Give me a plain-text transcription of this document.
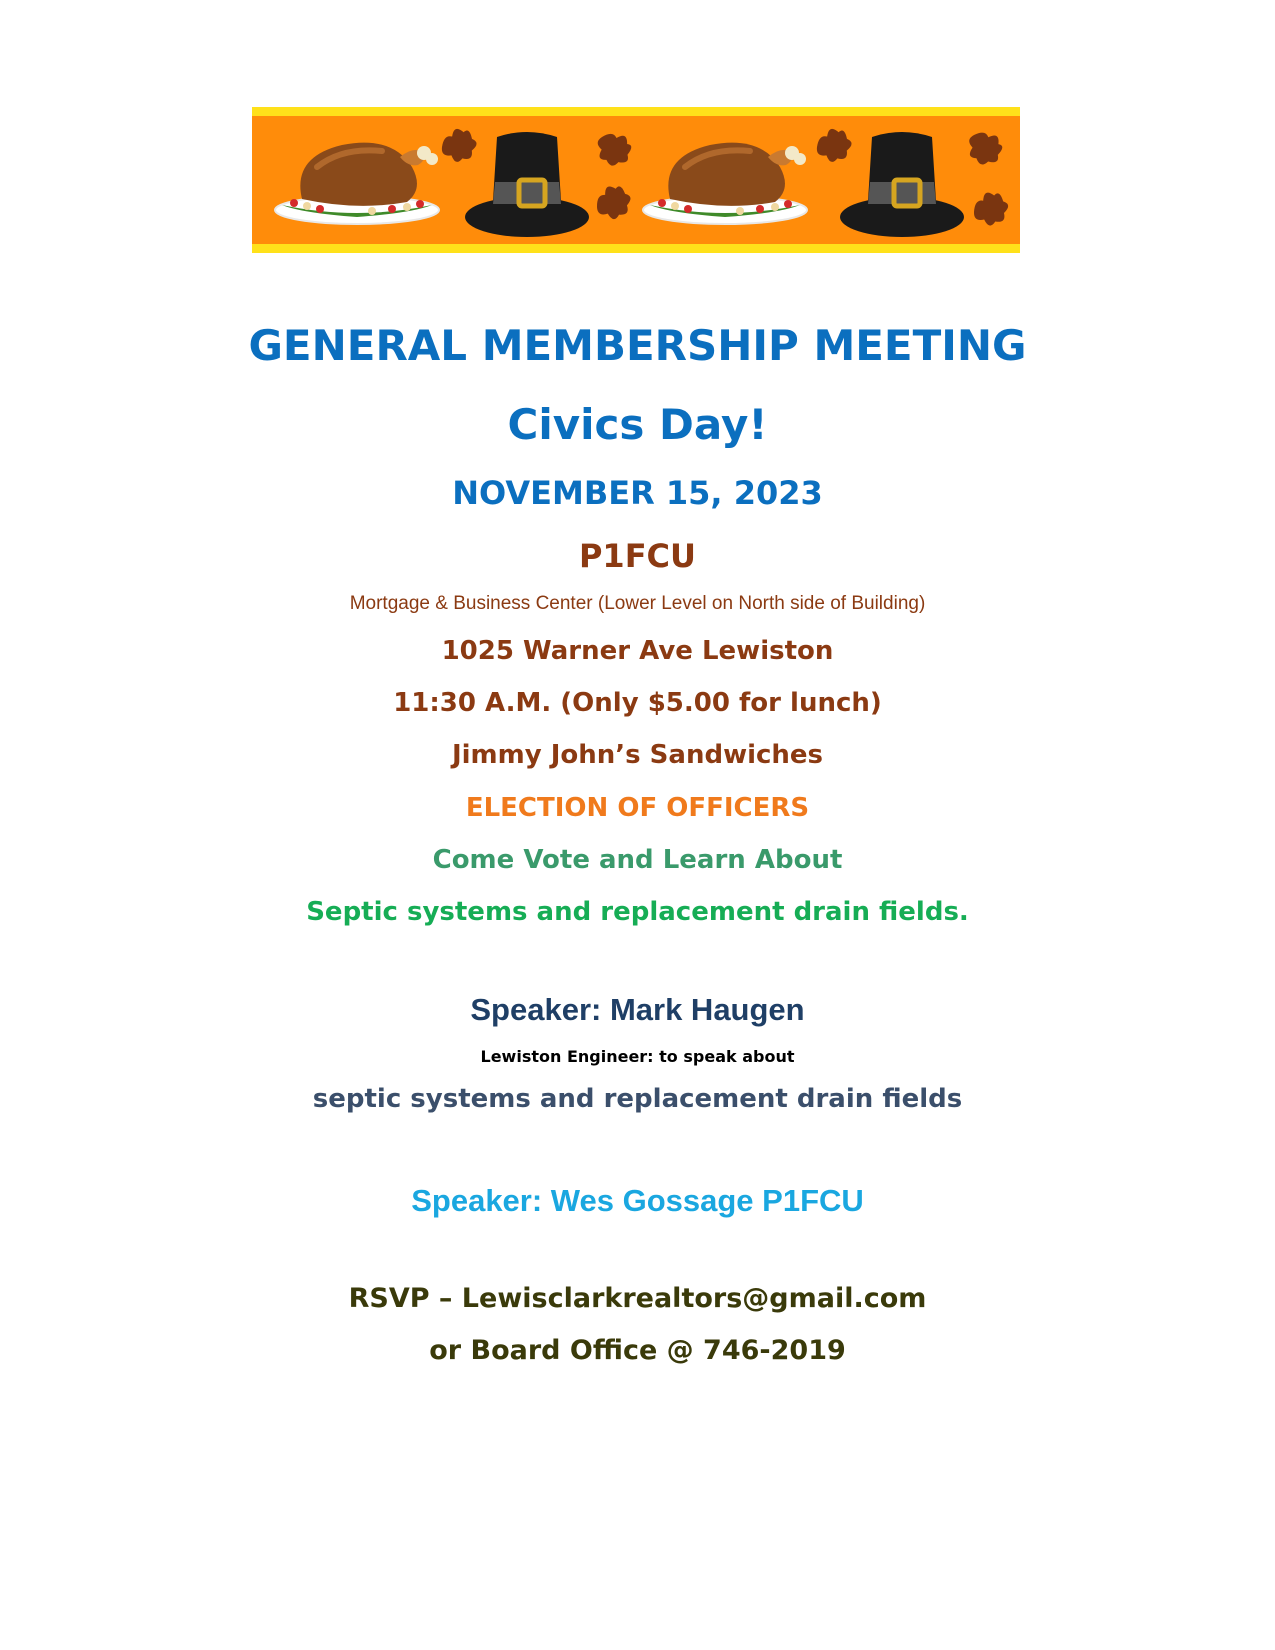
GENERAL MEMBERSHIP MEETING
Civics Day!
NOVEMBER 15, 2023
P1FCU
Mortgage & Business Center (Lower Level on North side of Building)
1025 Warner Ave Lewiston
11:30 A.M. (Only $5.00 for lunch)
Jimmy John’s Sandwiches
ELECTION OF OFFICERS
Come Vote and Learn About
Septic systems and replacement drain fields.
Speaker: Mark Haugen
Lewiston Engineer: to speak about
septic systems and replacement drain fields
Speaker: Wes Gossage P1FCU
RSVP – Lewisclarkrealtors@gmail.com
or Board Office @ 746-2019
